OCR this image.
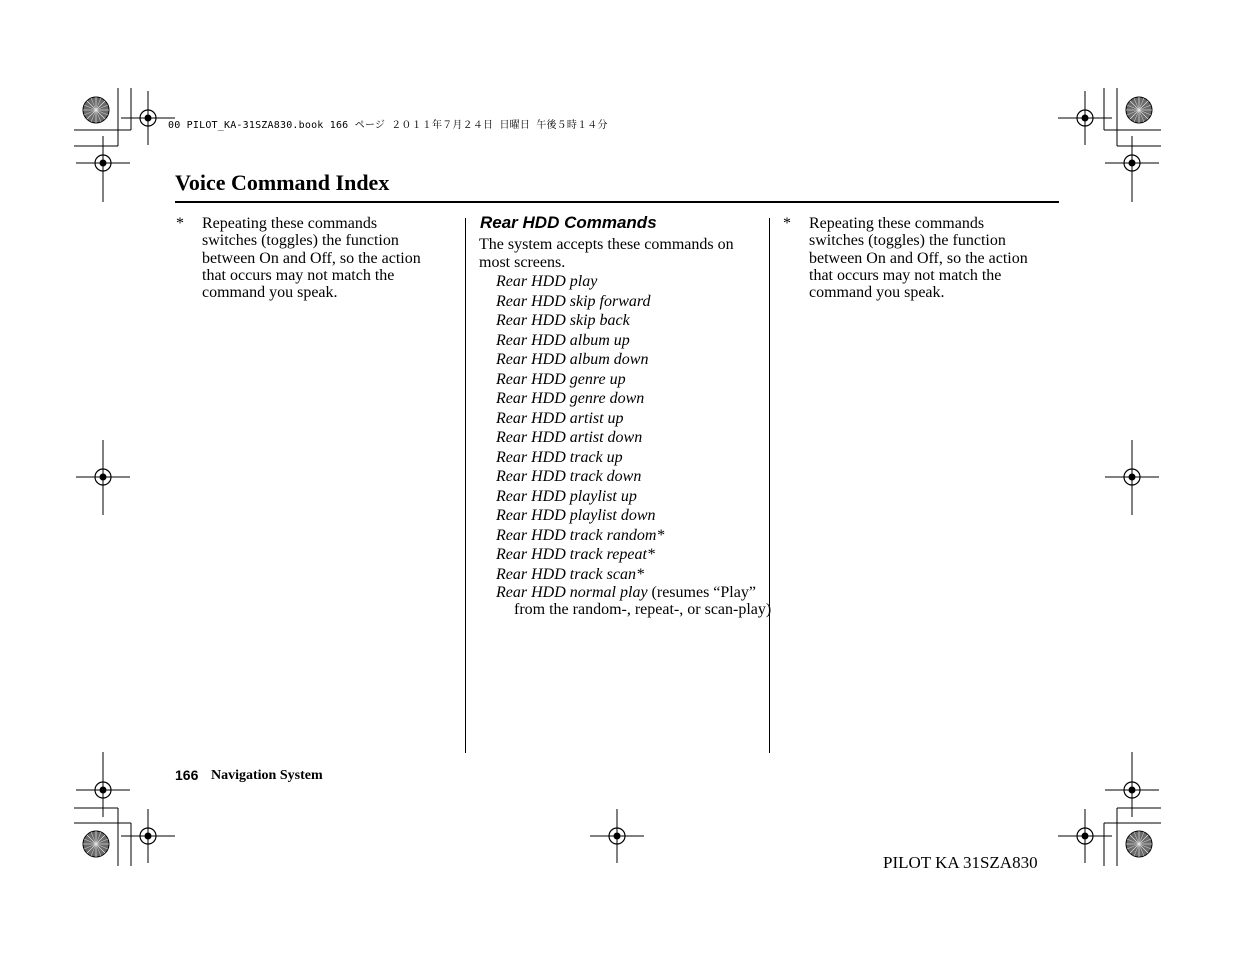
00 PILOT_KA-31SZA830.book 166 ページ ２０１１年７月２４日 日曜日 午後５時１４分
Voice Command Index
* Repeating these commands switches (toggles) the function between On and Off, so the action that occurs may not match the command you speak.
Rear HDD Commands
The system accepts these commands on most screens.
Rear HDD play
Rear HDD skip forward
Rear HDD skip back
Rear HDD album up
Rear HDD album down
Rear HDD genre up
Rear HDD genre down
Rear HDD artist up
Rear HDD artist down
Rear HDD track up
Rear HDD track down
Rear HDD playlist up
Rear HDD playlist down
Rear HDD track random*
Rear HDD track repeat*
Rear HDD track scan*
Rear HDD normal play (resumes “Play” from the random-, repeat-, or scan-play)
* Repeating these commands switches (toggles) the function between On and Off, so the action that occurs may not match the command you speak.
166 Navigation System
PILOT KA 31SZA830
